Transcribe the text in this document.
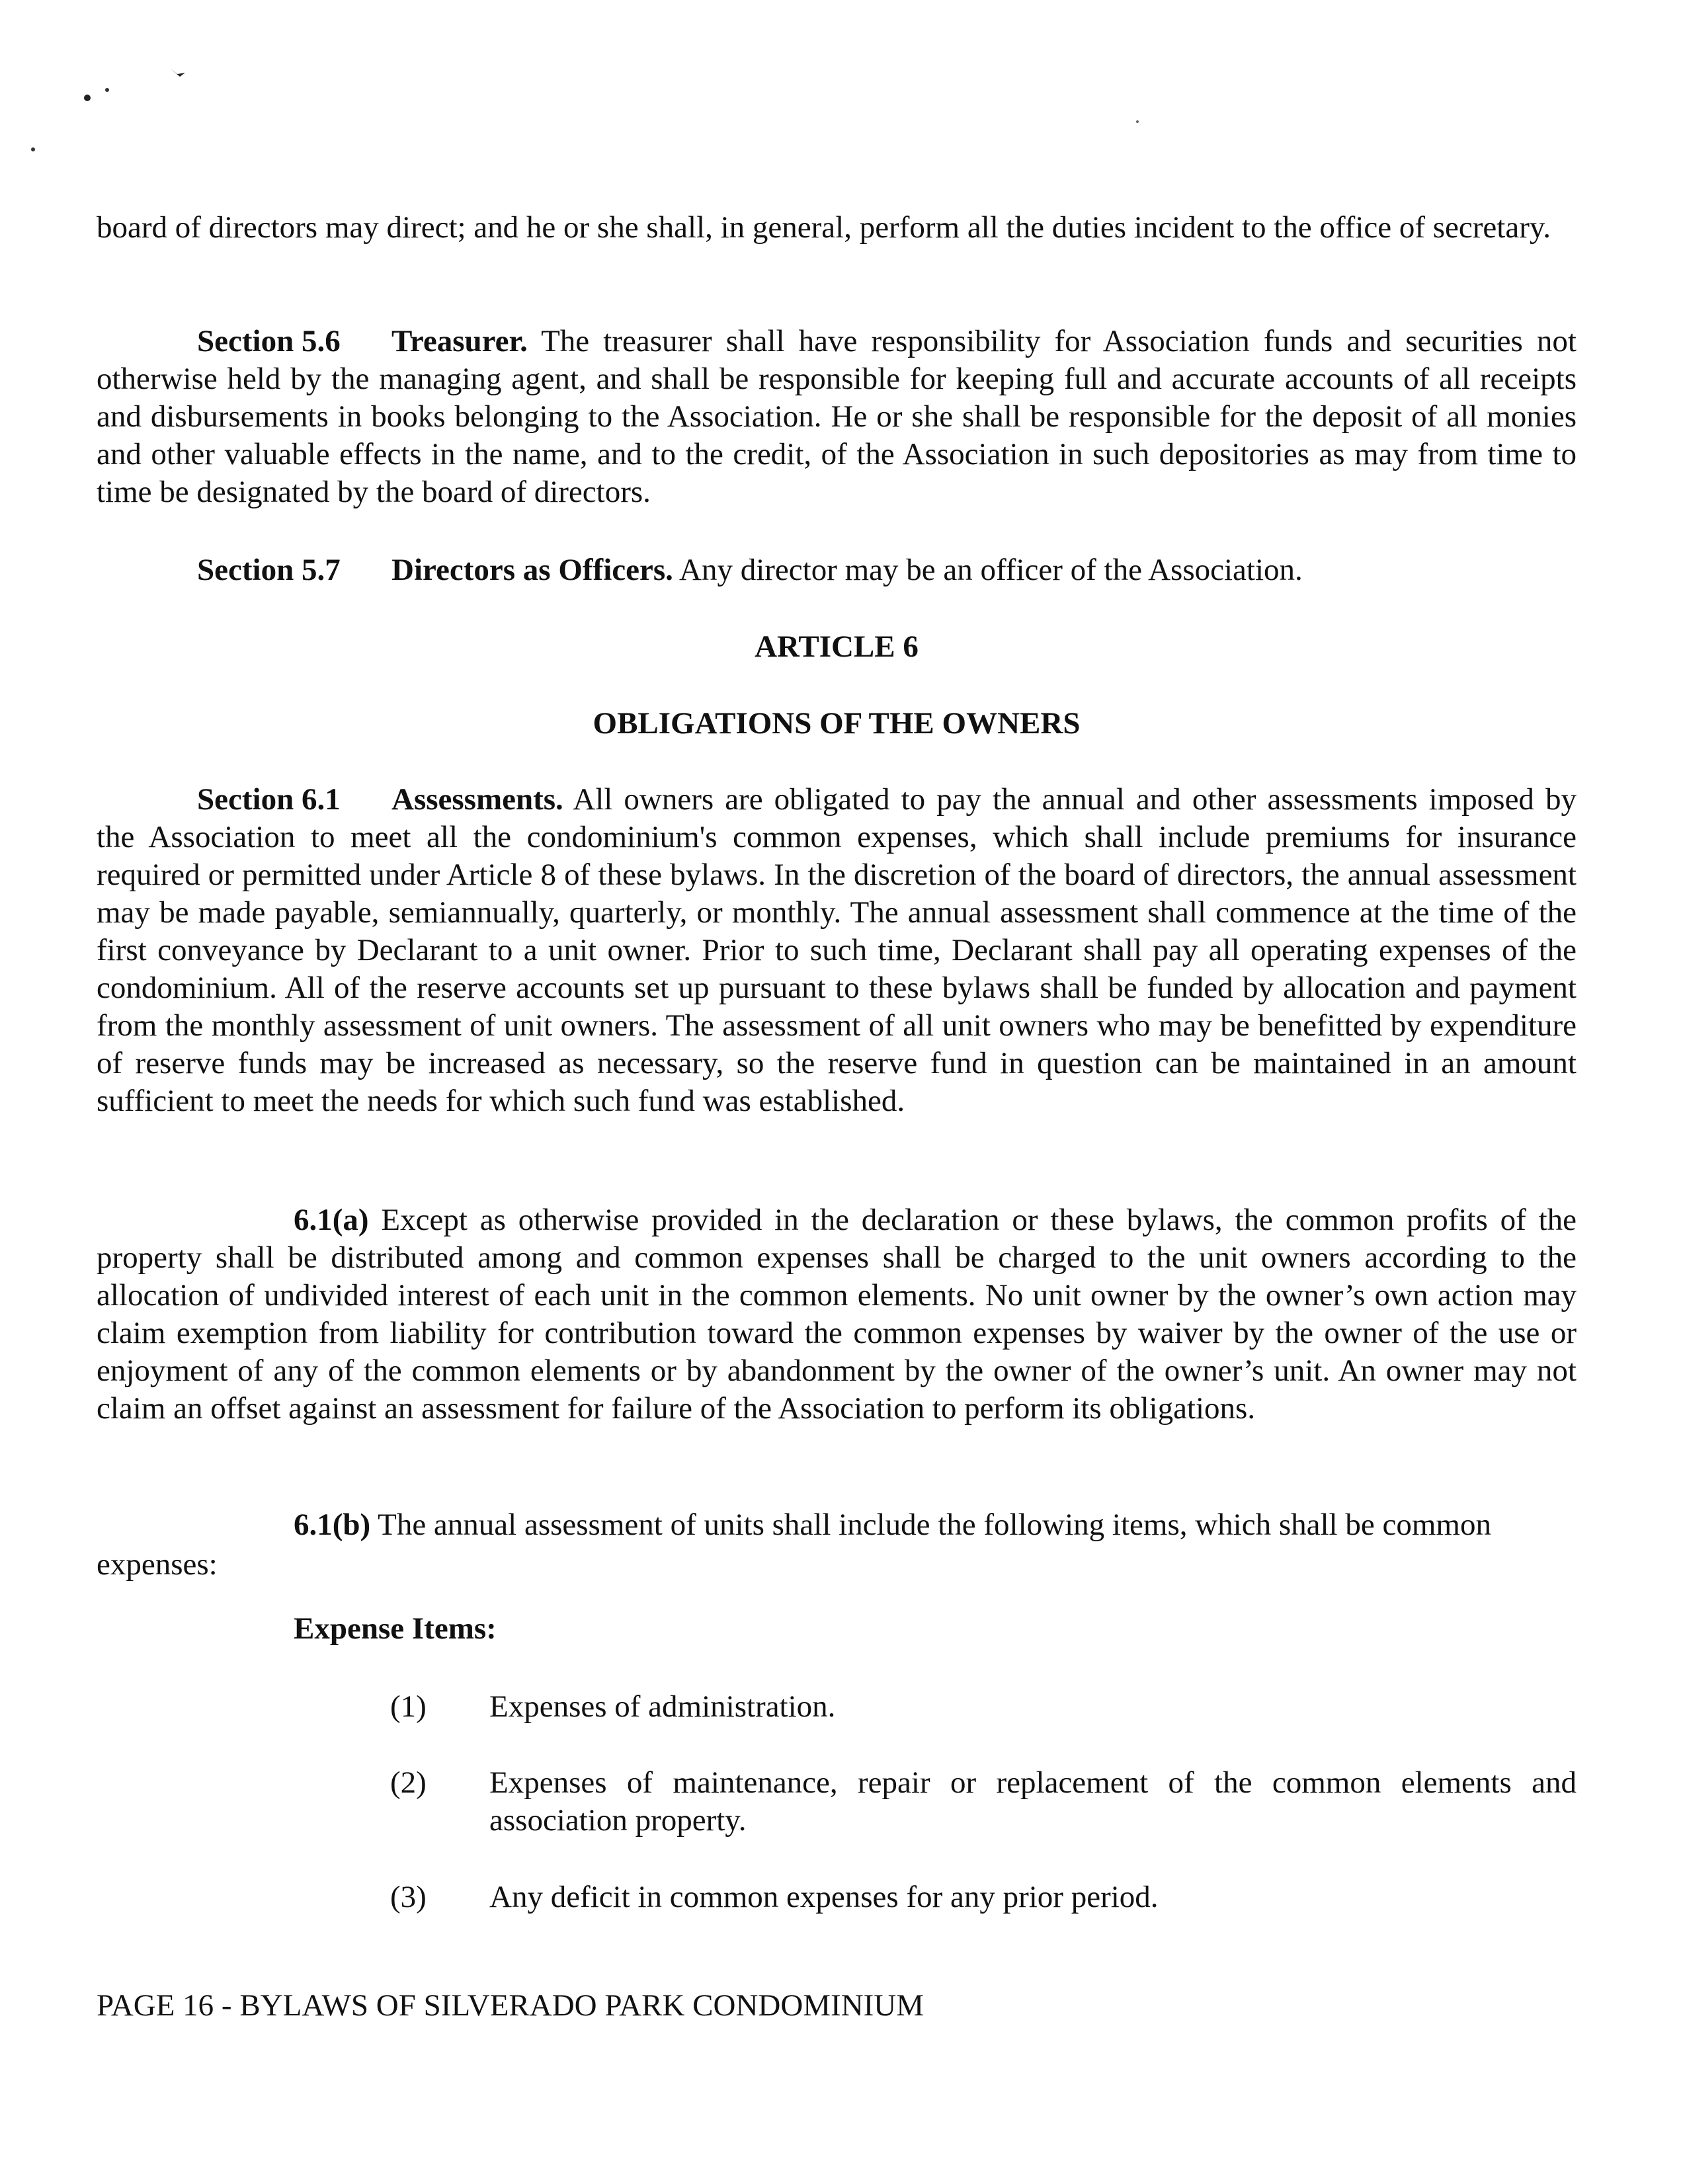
board of directors may direct; and he or she shall, in general, perform all the duties incident to the office of secretary.
Section 5.6 Treasurer. The treasurer shall have responsibility for Association funds and securities not otherwise held by the managing agent, and shall be responsible for keeping full and accurate accounts of all receipts and disbursements in books belonging to the Association. He or she shall be responsible for the deposit of all monies and other valuable effects in the name, and to the credit, of the Association in such depositories as may from time to time be designated by the board of directors.
Section 5.7 Directors as Officers. Any director may be an officer of the Association.
ARTICLE 6
OBLIGATIONS OF THE OWNERS
Section 6.1 Assessments. All owners are obligated to pay the annual and other assessments imposed by the Association to meet all the condominium's common expenses, which shall include premiums for insurance required or permitted under Article 8 of these bylaws. In the discretion of the board of directors, the annual assessment may be made payable, semiannually, quarterly, or monthly. The annual assessment shall commence at the time of the first conveyance by Declarant to a unit owner. Prior to such time, Declarant shall pay all operating expenses of the condominium. All of the reserve accounts set up pursuant to these bylaws shall be funded by allocation and payment from the monthly assessment of unit owners. The assessment of all unit owners who may be benefitted by expenditure of reserve funds may be increased as necessary, so the reserve fund in question can be maintained in an amount sufficient to meet the needs for which such fund was established.
6.1(a) Except as otherwise provided in the declaration or these bylaws, the common profits of the property shall be distributed among and common expenses shall be charged to the unit owners according to the allocation of undivided interest of each unit in the common elements. No unit owner by the owner’s own action may claim exemption from liability for contribution toward the common expenses by waiver by the owner of the use or enjoyment of any of the common elements or by abandonment by the owner of the owner’s unit. An owner may not claim an offset against an assessment for failure of the Association to perform its obligations.
6.1(b) The annual assessment of units shall include the following items, which shall be common
expenses:
Expense Items:
(1) Expenses of administration.
(2) Expenses of maintenance, repair or replacement of the common elements and association property.
(3) Any deficit in common expenses for any prior period.
PAGE 16 - BYLAWS OF SILVERADO PARK CONDOMINIUM
